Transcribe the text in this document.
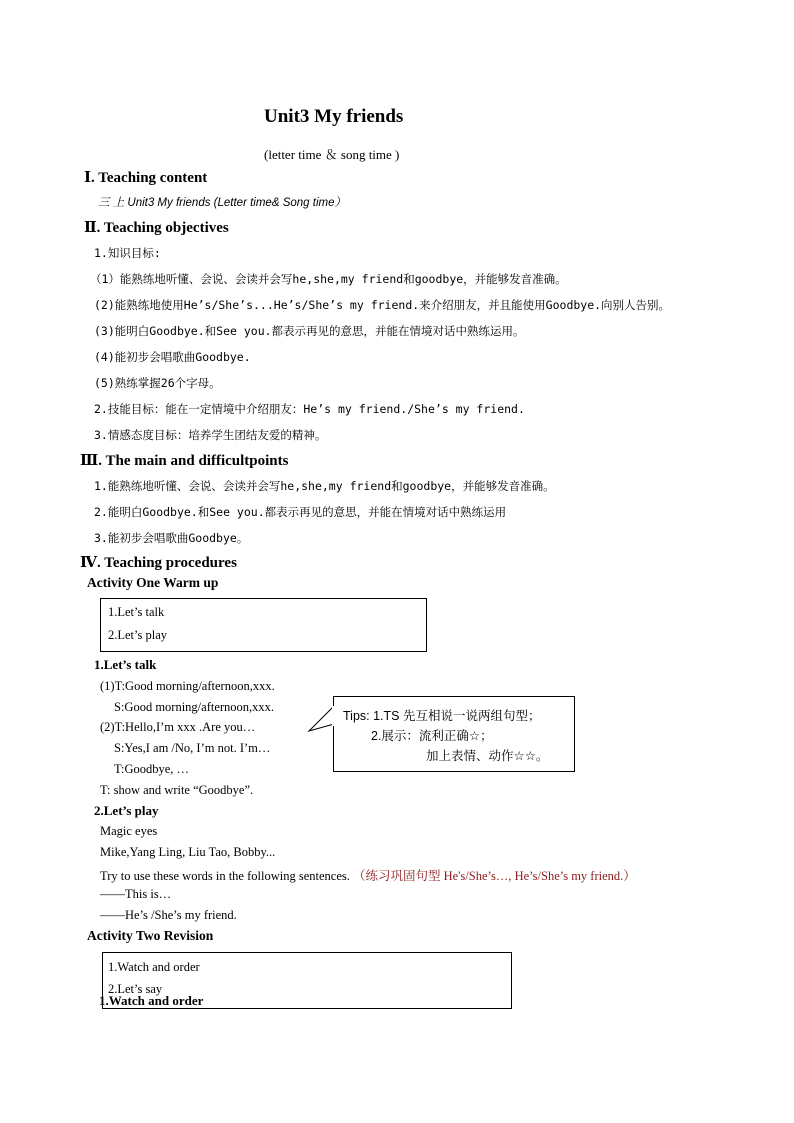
Unit3 My friends
(letter time ＆ song time )
Ⅰ. Teaching content
三 上 Unit3 My friends (Letter time& Song time）
Ⅱ. Teaching objectives
1.知识目标:
（1）能熟练地听懂、会说、会读并会写he,she,my friend和goodbye，并能够发音准确。
(2)能熟练地使用He’s/She’s...He’s/She’s my friend.来介绍朋友，并且能使用Goodbye.向别人告别。
(3)能明白Goodbye.和See you.都表示再见的意思，并能在情境对话中熟练运用。
(4)能初步会唱歌曲Goodbye.
(5)熟练掌握26个字母。
2.技能目标：能在一定情境中介绍朋友：He’s my friend./She’s my friend.
3.情感态度目标：培养学生团结友爱的精神。
Ⅲ. The main and difficultpoints
1.能熟练地听懂、会说、会读并会写he,she,my friend和goodbye，并能够发音准确。
2.能明白Goodbye.和See you.都表示再见的意思，并能在情境对话中熟练运用
3.能初步会唱歌曲Goodbye。
Ⅳ. Teaching procedures
Activity One Warm up
1.Let’s talk
2.Let’s play
1.Let’s talk
(1)T:Good morning/afternoon,xxx.
S:Good morning/afternoon,xxx.
(2)T:Hello,I’m xxx .Are you…
S:Yes,I am /No, I’m not. I’m…
T:Goodbye, …
T: show and write “Goodbye”.
Tips: 1.TS 先互相说一说两组句型；
2.展示：流利正确☆；
加上表情、动作☆☆。
2.Let’s play
Magic eyes
Mike,Yang Ling, Liu Tao, Bobby...
Try to use these words in the following sentences. （练习巩固句型 He's/She’s…, He’s/She’s my friend.）
——This is…
——He’s /She’s my friend.
Activity Two Revision
1.Watch and order
2.Let’s say
1.Watch and order
